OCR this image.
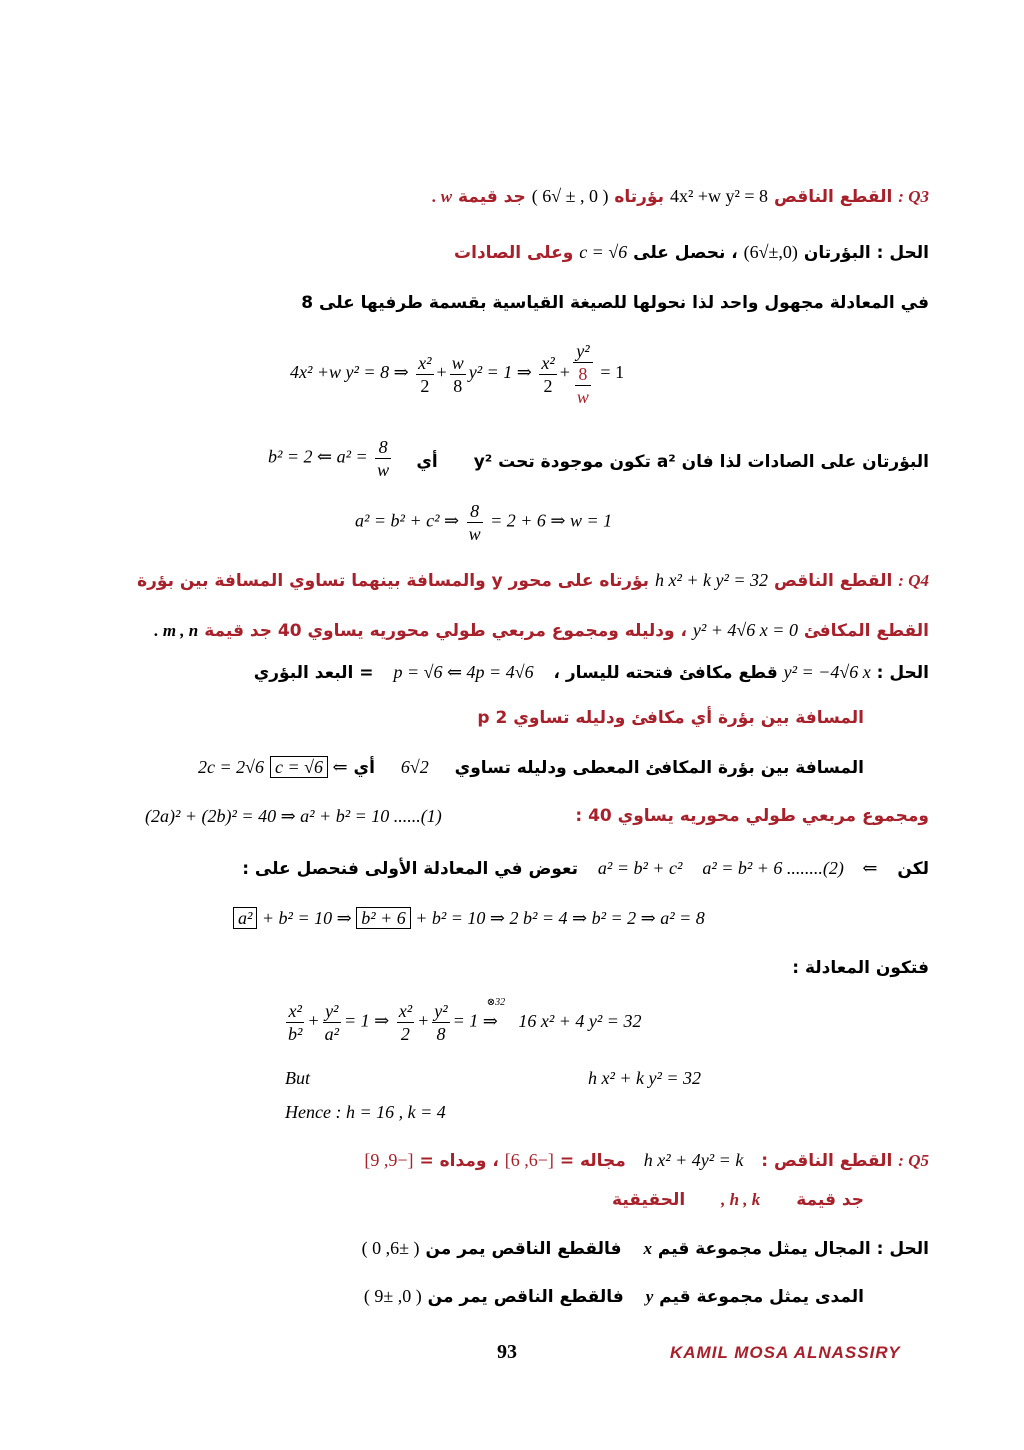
Q3 : القطع الناقص 4x² +w y² = 8 بؤرتاه ( 0 , ± √6 ) جد قيمة w .
الحل : البؤرتان (0,±√6) ، نحصل على c = √6 وعلى الصادات
في المعادلة مجهول واحد لذا نحولها للصيغة القياسية بقسمة طرفيها على 8
4x² +w y² = 8 ⇒ $\frac{\text{x²}}{2} + \frac{w}{8} y^2 = 1$ ⇒ $\frac{\text{x²}}{2} + \frac{\text{y²}}{\frac{8}{w}} = 1$
البؤرتان على الصادات لذا فان a² تكون موجودة تحت y² أي
b² = 2 ⇐ $a^2 = \frac{8}{w}$
a² = b² + c² ⇒ $\frac{8}{w} = 2 + 6$ ⇒ w = 1
Q4 : القطع الناقص h x² + k y² = 32 بؤرتاه على محور y والمسافة بينهما تساوي المسافة بين بؤرة
القطع المكافئ y² + 4√6 x = 0 ، ودليله ومجموع مربعي طولي محوريه يساوي 40 جد قيمة m , n .
الحل : y² = −4√6 x قطع مكافئ فتحته لليسار ، p = √6 ⇐ 4p = 4√6 = البعد البؤري
المسافة بين بؤرة أي مكافئ ودليله تساوي 2 p
المسافة بين بؤرة المكافئ المعطى ودليله تساوي 2√6 أي ⇐ 2c = 2√6 c = √6
ومجموع مربعي طولي محوريه يساوي 40 :
(2a)² + (2b)² = 40 ⇒ a² + b² = 10 ......(1)
لكن ⇐ a² = b² + c² a² = b² + 6 ........(2) تعوض في المعادلة الأولى فنحصل على :
a² + b² = 10 ⇒ b² + 6 + b² = 10 ⇒ 2 b² = 4 ⇒ b² = 2 ⇒ a² = 8
فتكون المعادلة :
$\frac{\text{x²}}{\text{b²}} + \frac{\text{y²}}{\text{a²}} = 1$ ⇒ $\frac{\text{x²}}{2} + \frac{\text{y²}}{8} = 1$
⊗32
⇒ 16 x² + 4 y² = 32
But	h x² + k y² = 32
Hence : h = 16 , k = 4
Q5 : القطع الناقص : h x² + 4y² = k مجاله = [−6, 6] ، ومداه = [−9, 9]
جد قيمة h , k , الحقيقية
الحل : المجال يمثل مجموعة قيم x فالقطع الناقص يمر من ( ±6, 0 )
المدى يمثل مجموعة قيم y فالقطع الناقص يمر من ( 0, ±9 )
93	KAMIL MOSA ALNASSIRY
